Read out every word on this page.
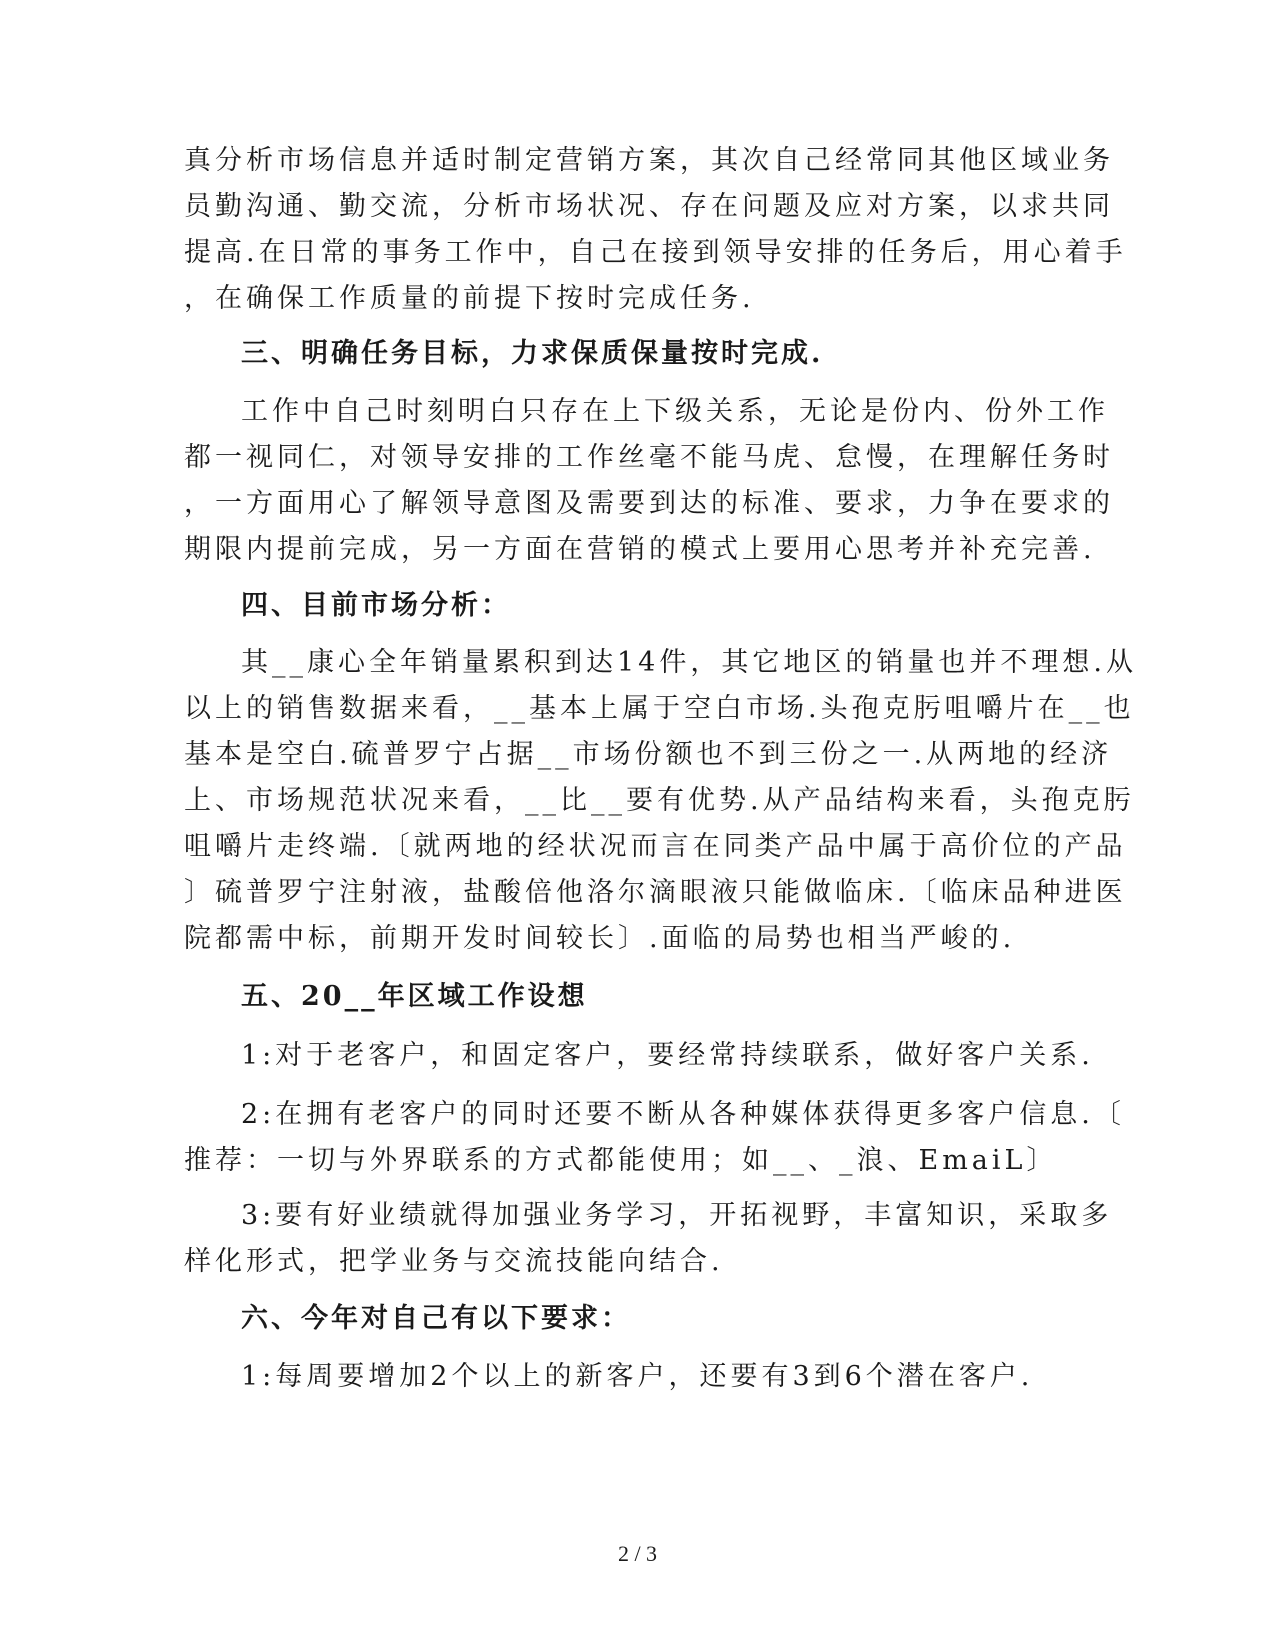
真分析市场信息并适时制定营销方案，其次自己经常同其他区域业务
员勤沟通、勤交流，分析市场状况、存在问题及应对方案，以求共同
提高.在日常的事务工作中，自己在接到领导安排的任务后，用心着手
，在确保工作质量的前提下按时完成任务.
三、明确任务目标，力求保质保量按时完成.
工作中自己时刻明白只存在上下级关系，无论是份内、份外工作
都一视同仁，对领导安排的工作丝毫不能马虎、怠慢，在理解任务时
，一方面用心了解领导意图及需要到达的标准、要求，力争在要求的
期限内提前完成，另一方面在营销的模式上要用心思考并补充完善.
四、目前市场分析：
其__康心全年销量累积到达14件，其它地区的销量也并不理想.从
以上的销售数据来看，__基本上属于空白市场.头孢克肟咀嚼片在__也
基本是空白.硫普罗宁占据__市场份额也不到三份之一.从两地的经济
上、市场规范状况来看，__比__要有优势.从产品结构来看，头孢克肟
咀嚼片走终端.〔就两地的经状况而言在同类产品中属于高价位的产品
〕硫普罗宁注射液，盐酸倍他洛尔滴眼液只能做临床.〔临床品种进医
院都需中标，前期开发时间较长〕.面临的局势也相当严峻的.
五、20__年区域工作设想
1:对于老客户，和固定客户，要经常持续联系，做好客户关系.
2:在拥有老客户的同时还要不断从各种媒体获得更多客户信息.〔
推荐：一切与外界联系的方式都能使用；如__、_浪、EmaiL〕
3:要有好业绩就得加强业务学习，开拓视野，丰富知识，采取多
样化形式，把学业务与交流技能向结合.
六、今年对自己有以下要求：
1:每周要增加2个以上的新客户，还要有3到6个潜在客户.
2 / 3
